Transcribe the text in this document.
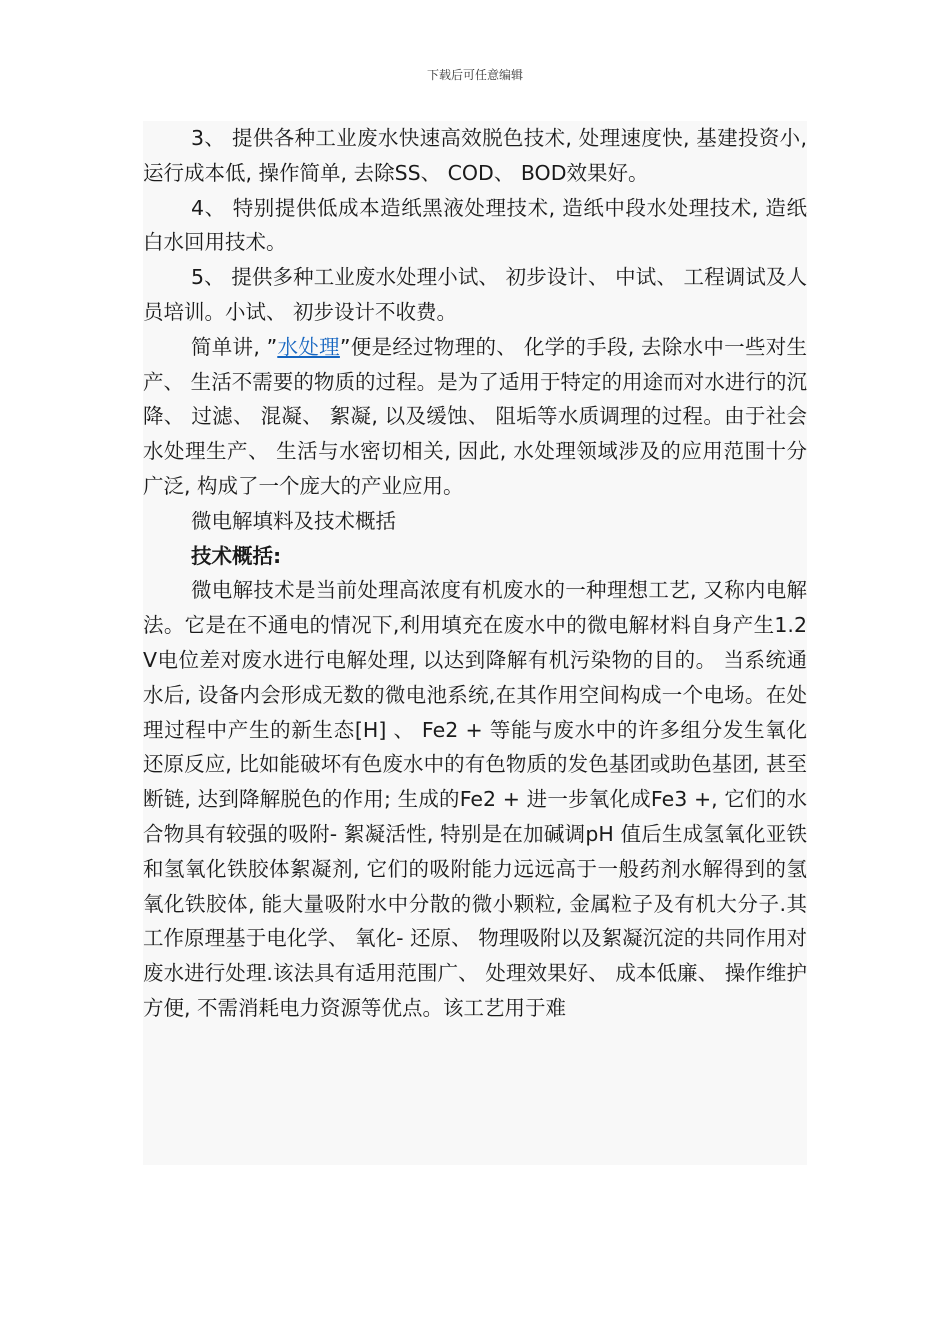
下载后可任意编辑

3、 提供各种工业废水快速高效脱色技术, 处理速度快, 基建投资小, 运行成本低, 操作简单, 去除SS、 COD、 BOD效果好。

4、 特别提供低成本造纸黑液处理技术, 造纸中段水处理技术, 造纸白水回用技术。

5、 提供多种工业废水处理小试、 初步设计、 中试、 工程调试及人员培训。小试、 初步设计不收费。

简单讲, ”水处理”便是经过物理的、 化学的手段, 去除水中一些对生产、 生活不需要的物质的过程。是为了适用于特定的用途而对水进行的沉降、 过滤、 混凝、 絮凝, 以及缓蚀、 阻垢等水质调理的过程。由于社会水处理生产、 生活与水密切相关, 因此, 水处理领域涉及的应用范围十分广泛, 构成了一个庞大的产业应用。

微电解填料及技术概括

技术概括:

微电解技术是当前处理高浓度有机废水的一种理想工艺, 又称内电解法。它是在不通电的情况下,利用填充在废水中的微电解材料自身产生1.2V电位差对废水进行电解处理, 以达到降解有机污染物的目的。 当系统通水后, 设备内会形成无数的微电池系统,在其作用空间构成一个电场。在处理过程中产生的新生态[H] 、 Fe2 + 等能与废水中的许多组分发生氧化还原反应, 比如能破坏有色废水中的有色物质的发色基团或助色基团, 甚至断链, 达到降解脱色的作用; 生成的Fe2 + 进一步氧化成Fe3 +, 它们的水合物具有较强的吸附- 絮凝活性, 特别是在加碱调pH 值后生成氢氧化亚铁和氢氧化铁胶体絮凝剂, 它们的吸附能力远远高于一般药剂水解得到的氢氧化铁胶体, 能大量吸附水中分散的微小颗粒, 金属粒子及有机大分子.其工作原理基于电化学、 氧化- 还原、 物理吸附以及絮凝沉淀的共同作用对废水进行处理.该法具有适用范围广、 处理效果好、 成本低廉、 操作维护方便, 不需消耗电力资源等优点。该工艺用于难
